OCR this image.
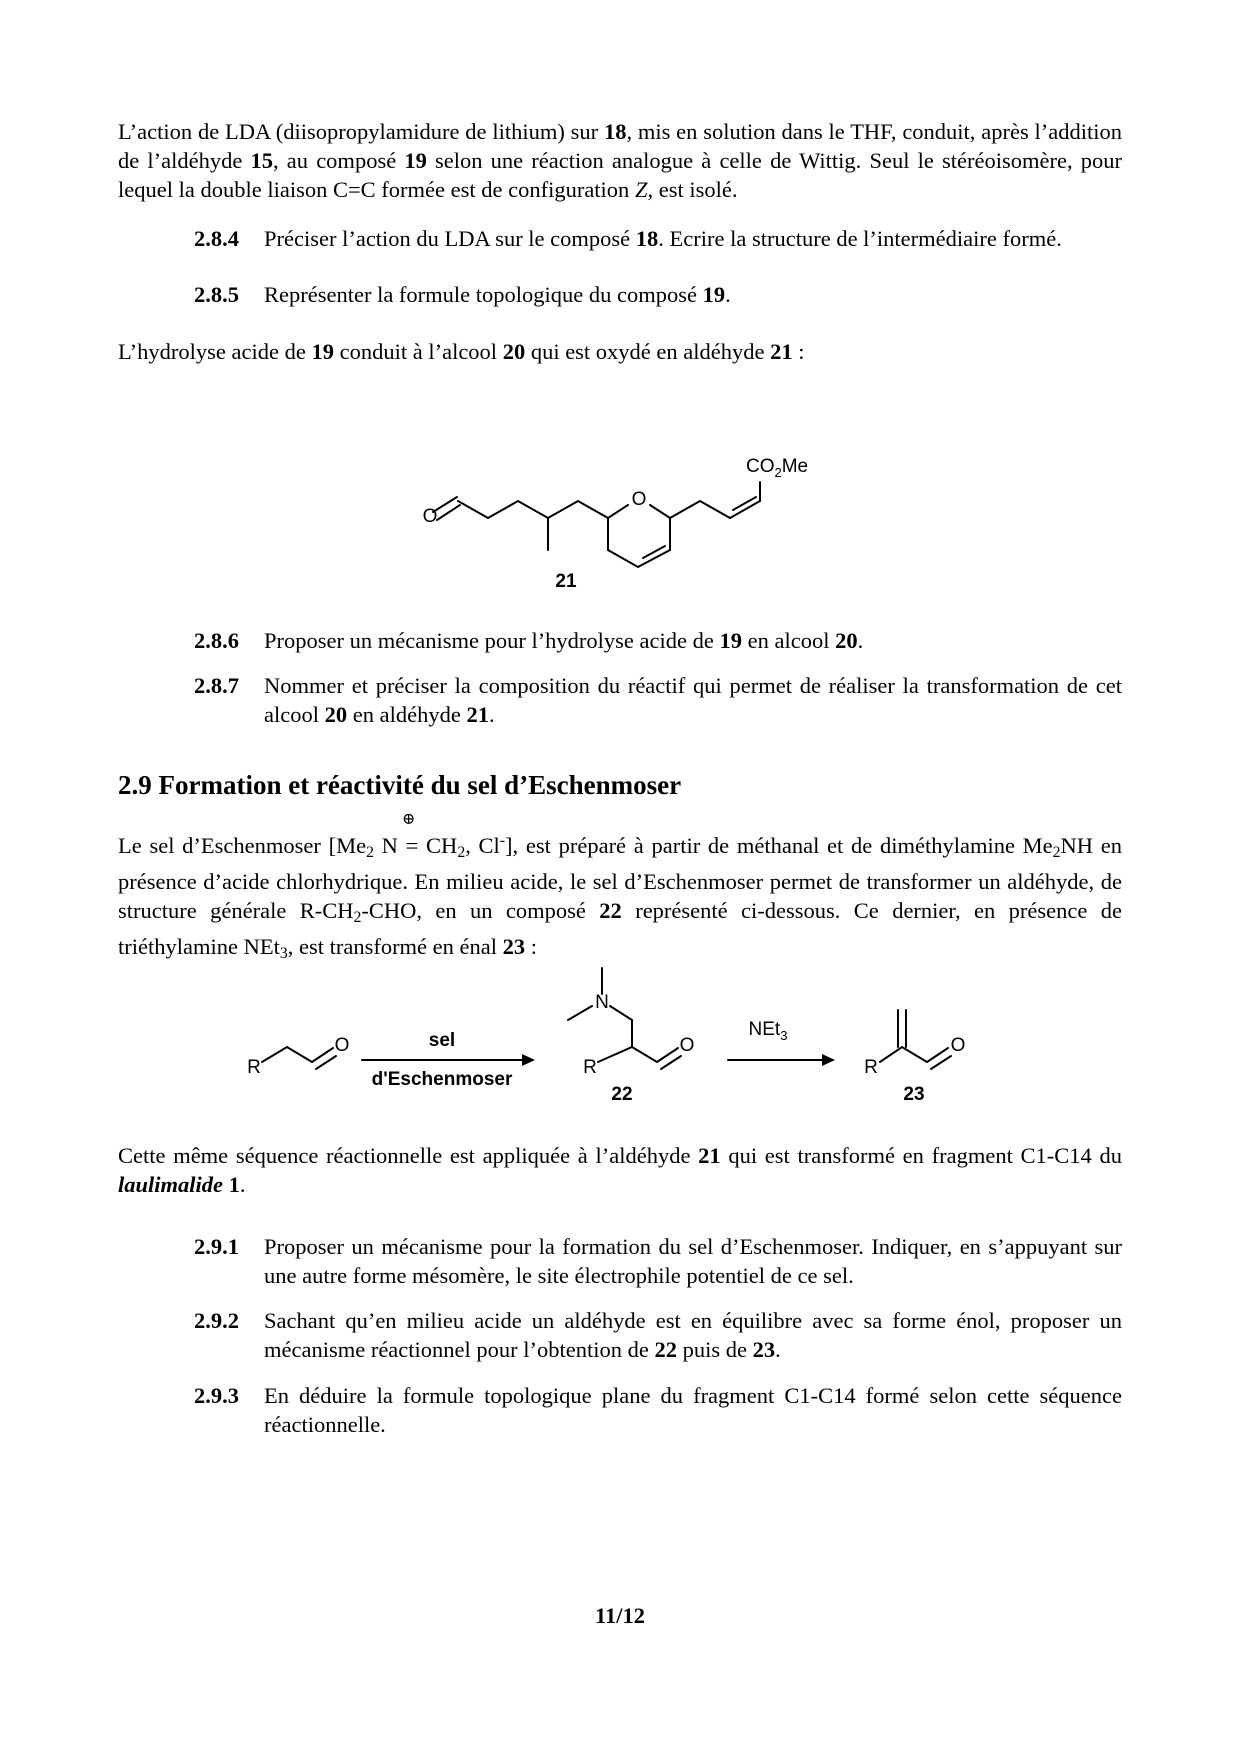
L’action de LDA (diisopropylamidure de lithium) sur 18, mis en solution dans le THF, conduit, après l’addition de l’aldéhyde 15, au composé 19 selon une réaction analogue à celle de Wittig. Seul le stéréoisomère, pour lequel la double liaison C=C formée est de configuration Z, est isolé.

2.8.4 Préciser l’action du LDA sur le composé 18. Ecrire la structure de l’intermédiaire formé.
2.8.5 Représenter la formule topologique du composé 19.

L’hydrolyse acide de 19 conduit à l’alcool 20 qui est oxydé en aldéhyde 21 :

O
O
$CO_2Me$
21
2.8.6 Proposer un mécanisme pour l’hydrolyse acide de 19 en alcool 20.
2.8.7 Nommer et préciser la composition du réactif qui permet de réaliser la transformation de cet alcool 20 en aldéhyde 21.
2.9 Formation et réactivité du sel d’Eschenmoser
⊕

Le sel d’Eschenmoser [$Me_2$ $N = CH_2$, Cl-], est préparé à partir de méthanal et de diméthylamine $Me_2NH$ en présence d’acide chlorhydrique. En milieu acide, le sel d’Eschenmoser permet de transformer un aldéhyde, de structure générale $R-CH_2$-CHO, en un composé 22 représenté ci-dessous. Ce dernier, en présence de triéthylamine NEt$_3$, est transformé en énal 23 :

R
O	sel
d'Eschenmoser
N
R
O
22
NEt$_3$
R
O
23

Cette même séquence réactionnelle est appliquée à l’aldéhyde 21 qui est transformé en fragment C1-C14 du laulimalide 1.

2.9.1 Proposer un mécanisme pour la formation du sel d’Eschenmoser. Indiquer, en s’appuyant sur une autre forme mésomère, le site électrophile potentiel de ce sel.
2.9.2 Sachant qu’en milieu acide un aldéhyde est en équilibre avec sa forme énol, proposer un mécanisme réactionnel pour l’obtention de 22 puis de 23.
2.9.3 En déduire la formule topologique plane du fragment C1-C14 formé selon cette séquence réactionnelle.
11/12
